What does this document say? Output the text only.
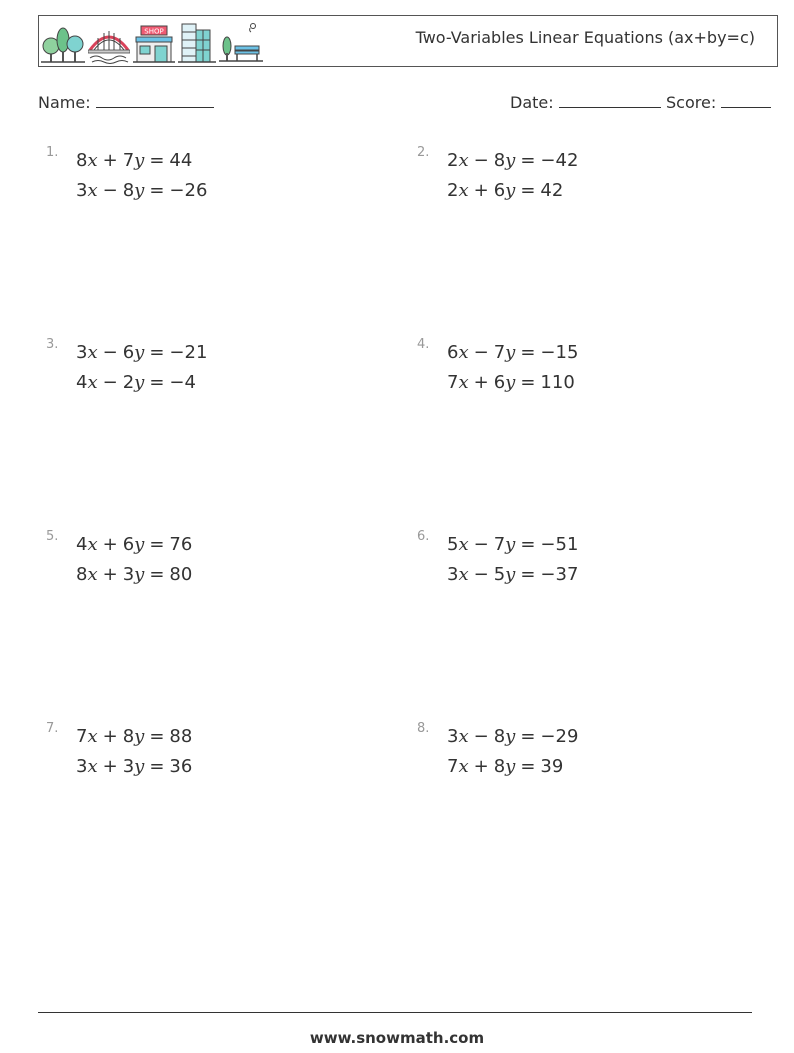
SHOP	Two-Variables Linear Equations (ax+by=c)
Name:	Date:	Score:
1. 8x + 7y = 44
3x − 8y = −26
2. 2x − 8y = −42
2x + 6y = 42
3. 3x − 6y = −21
4x − 2y = −4
4. 6x − 7y = −15
7x + 6y = 110
5. 4x + 6y = 76
8x + 3y = 80
6. 5x − 7y = −51
3x − 5y = −37
7. 7x + 8y = 88
3x + 3y = 36
8. 3x − 8y = −29
7x + 8y = 39
www.snowmath.com
